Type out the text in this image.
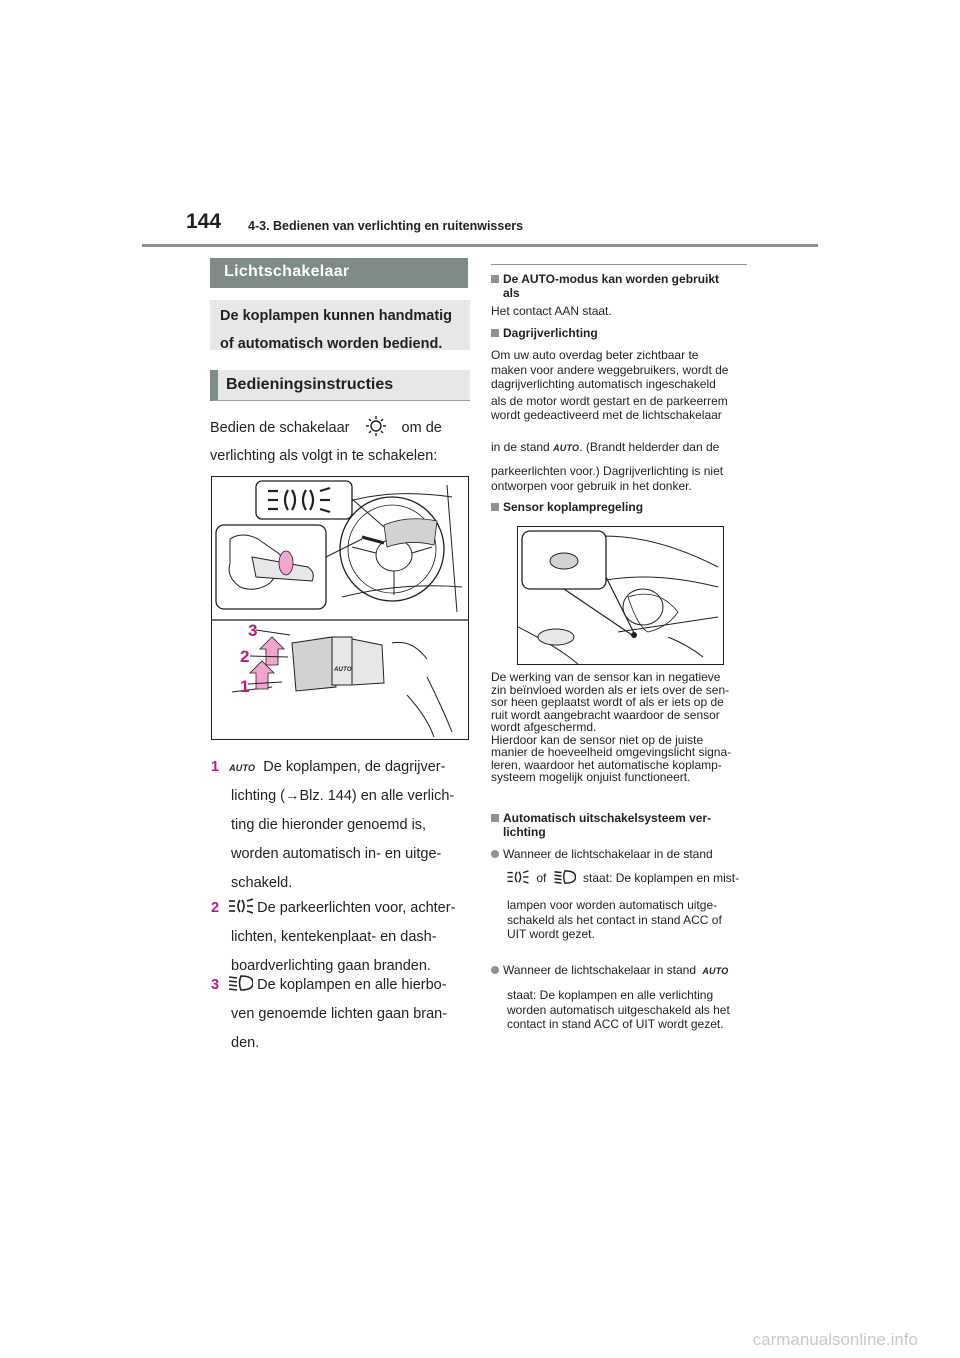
144 4-3. Bedienen van verlichting en ruitenwissers
Lichtschakelaar
De koplampen kunnen handmatig of automatisch worden bediend.
Bedieningsinstructies
Bedien de schakelaar	om de
verlichting als volgt in te schakelen:
3
2
1
AUTO
1 AUTO De koplampen, de dagrijver-
lichting (→Blz. 144) en alle verlich-
ting die hieronder genoemd is,
worden automatisch in- en uitge-
schakeld.
2	De parkeerlichten voor, achter-
lichten, kentekenplaat- en dash-
boardverlichting gaan branden.
3	De koplampen en alle hierbo-
ven genoemde lichten gaan bran-
den.
De AUTO-modus kan worden gebruikt
als
Het contact AAN staat.
Dagrijverlichting
Om uw auto overdag beter zichtbaar te
maken voor andere weggebruikers, wordt de
dagrijverlichting automatisch ingeschakeld
als de motor wordt gestart en de parkeerrem
wordt gedeactiveerd met de lichtschakelaar
in de stand AUTO. (Brandt helderder dan de
parkeerlichten voor.) Dagrijverlichting is niet
ontworpen voor gebruik in het donker.
Sensor koplampregeling
De werking van de sensor kan in negatieve
zin beïnvloed worden als er iets over de sen-
sor heen geplaatst wordt of als er iets op de
ruit wordt aangebracht waardoor de sensor
wordt afgeschermd.
Hierdoor kan de sensor niet op de juiste
manier de hoeveelheid omgevingslicht signa-
leren, waardoor het automatische koplamp-
systeem mogelijk onjuist functioneert.
Automatisch uitschakelsysteem ver-
lichting
Wanneer de lichtschakelaar in de stand
of	staat: De koplampen en mist-
lampen voor worden automatisch uitge-
schakeld als het contact in stand ACC of
UIT wordt gezet.
Wanneer de lichtschakelaar in stand AUTO
staat: De koplampen en alle verlichting
worden automatisch uitgeschakeld als het
contact in stand ACC of UIT wordt gezet.
carmanualsonline.info
